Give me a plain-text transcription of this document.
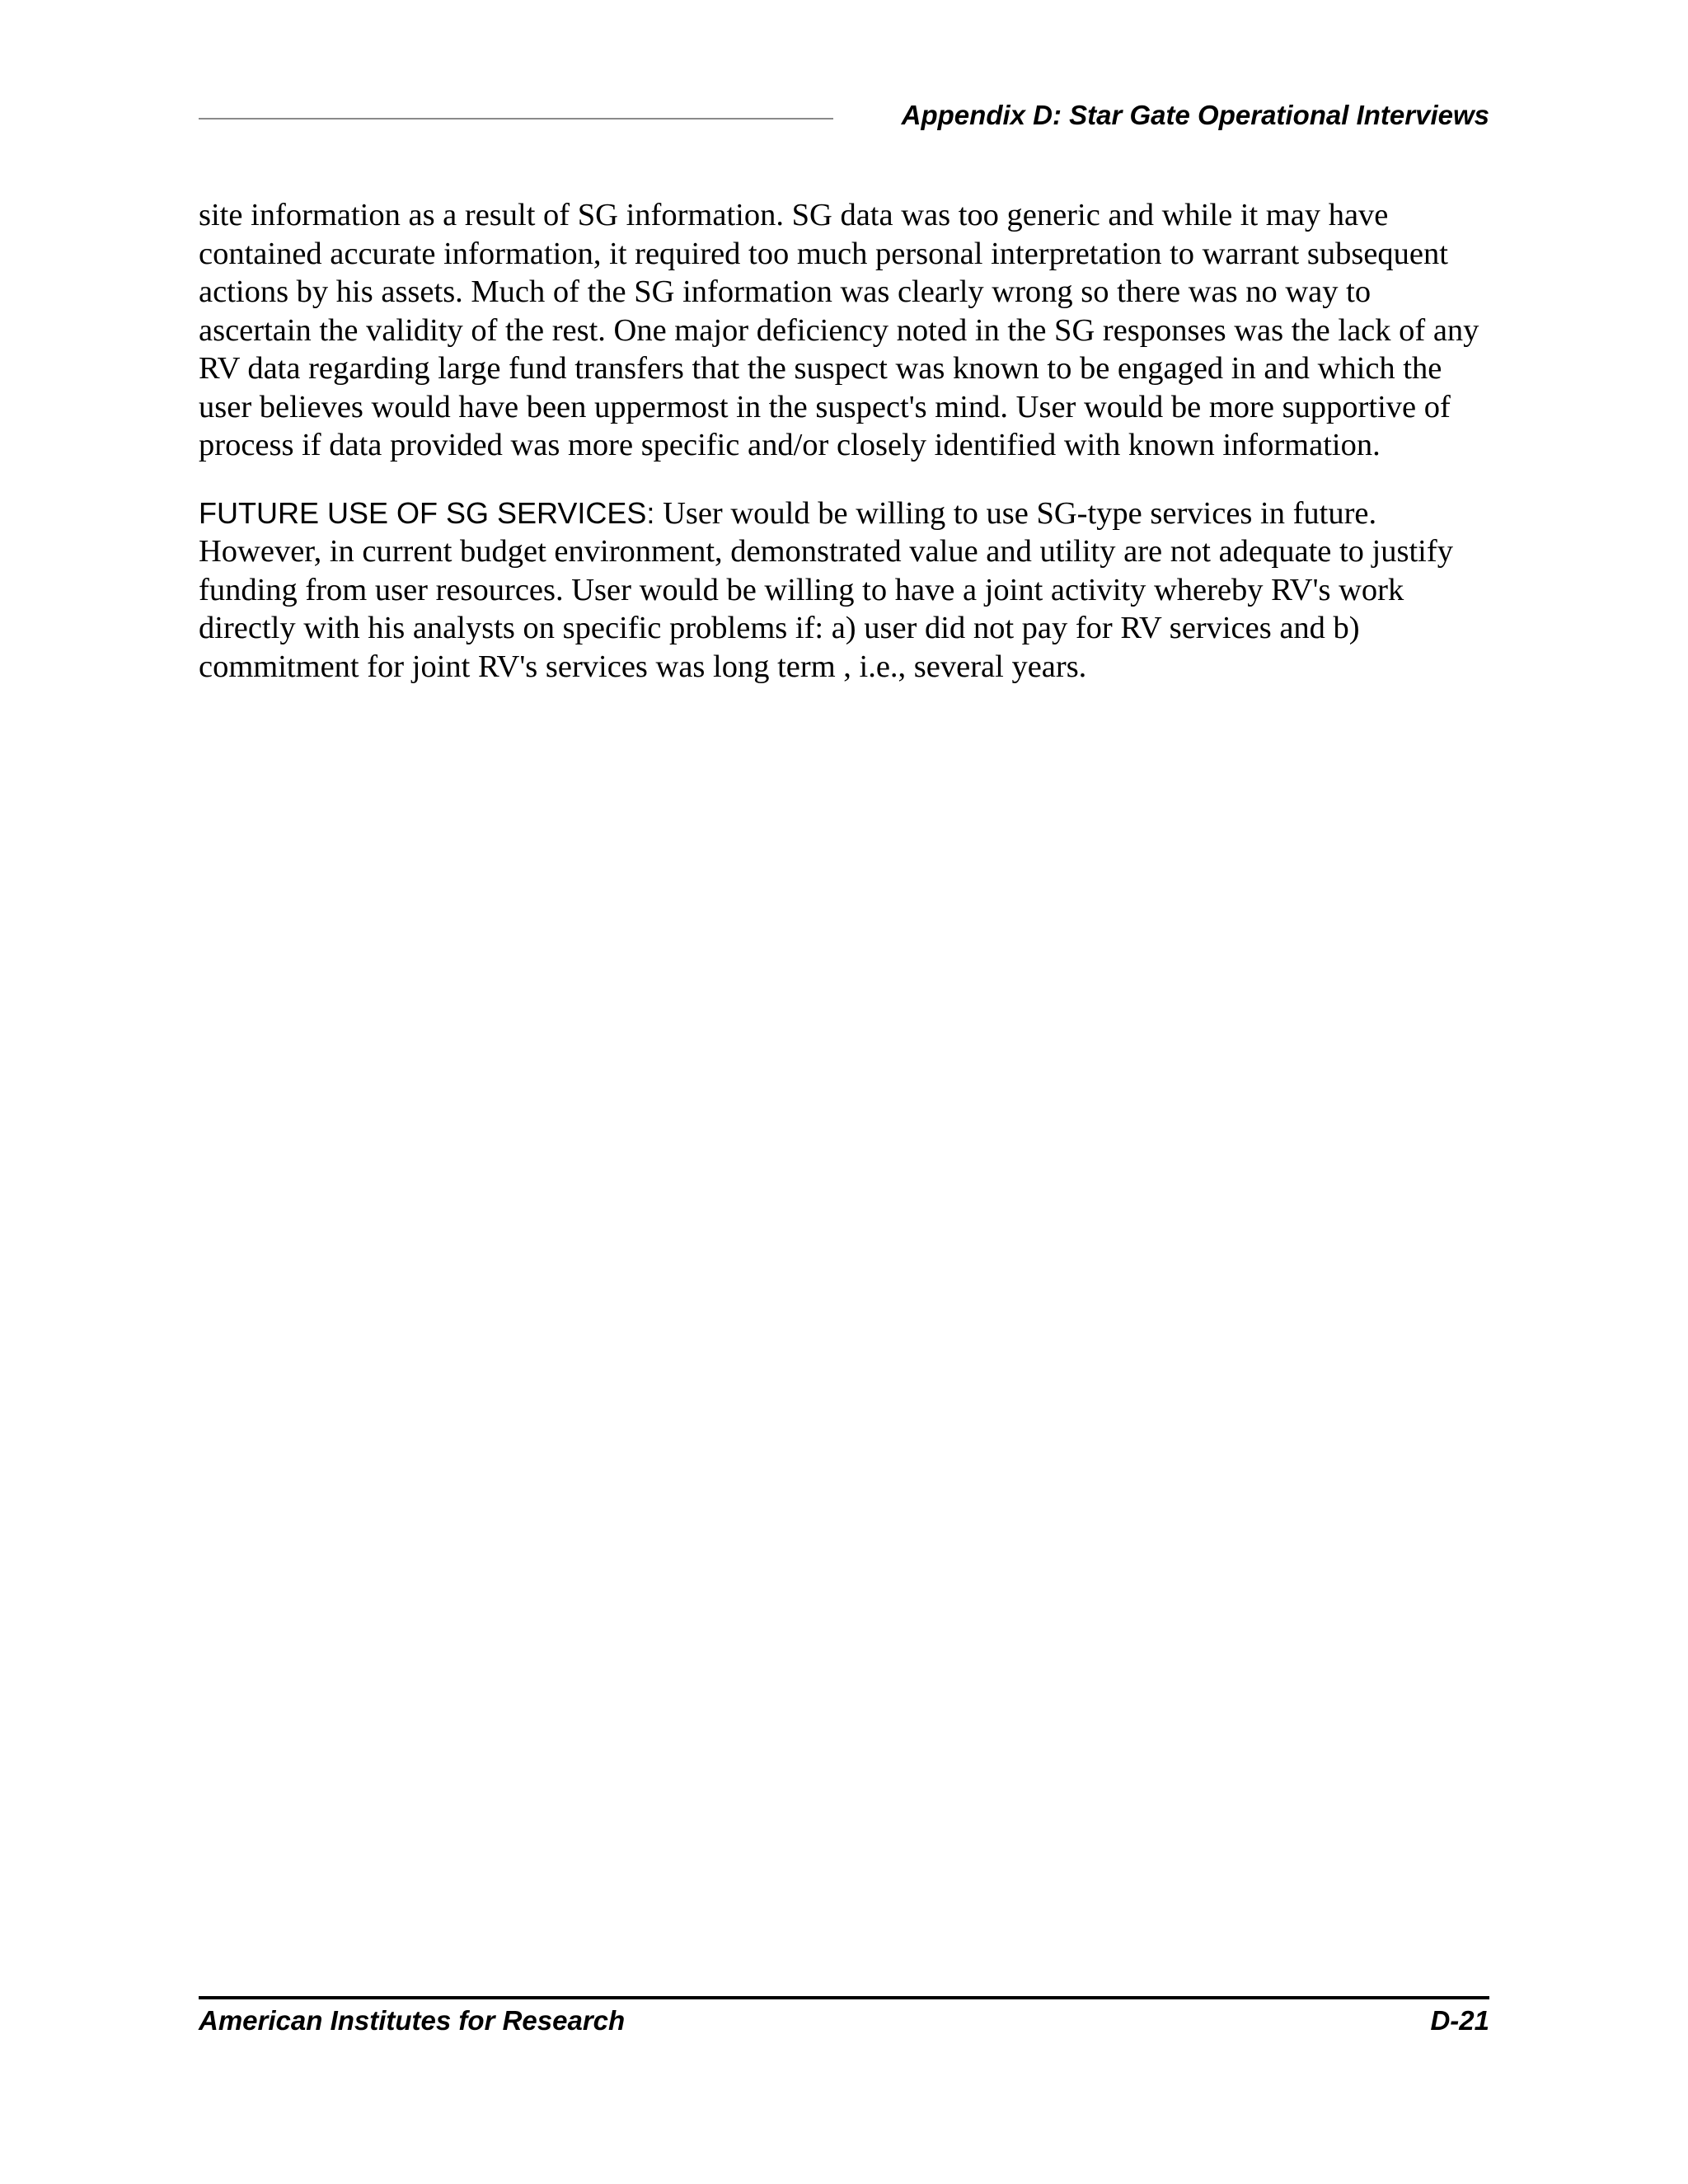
Appendix D: Star Gate Operational Interviews

site information as a result of SG information. SG data was too generic and while it may have contained accurate information, it required too much personal interpretation to warrant subsequent actions by his assets. Much of the SG information was clearly wrong so there was no way to ascertain the validity of the rest. One major deficiency noted in the SG responses was the lack of any RV data regarding large fund transfers that the suspect was known to be engaged in and which the user believes would have been uppermost in the suspect's mind. User would be more supportive of process if data provided was more specific and/or closely identified with known information.

FUTURE USE OF SG SERVICES: User would be willing to use SG-type services in future. However, in current budget environment, demonstrated value and utility are not adequate to justify funding from user resources. User would be willing to have a joint activity whereby RV's work directly with his analysts on specific problems if: a) user did not pay for RV services and b) commitment for joint RV's services was long term , i.e., several years.

American Institutes for Research	D-21
